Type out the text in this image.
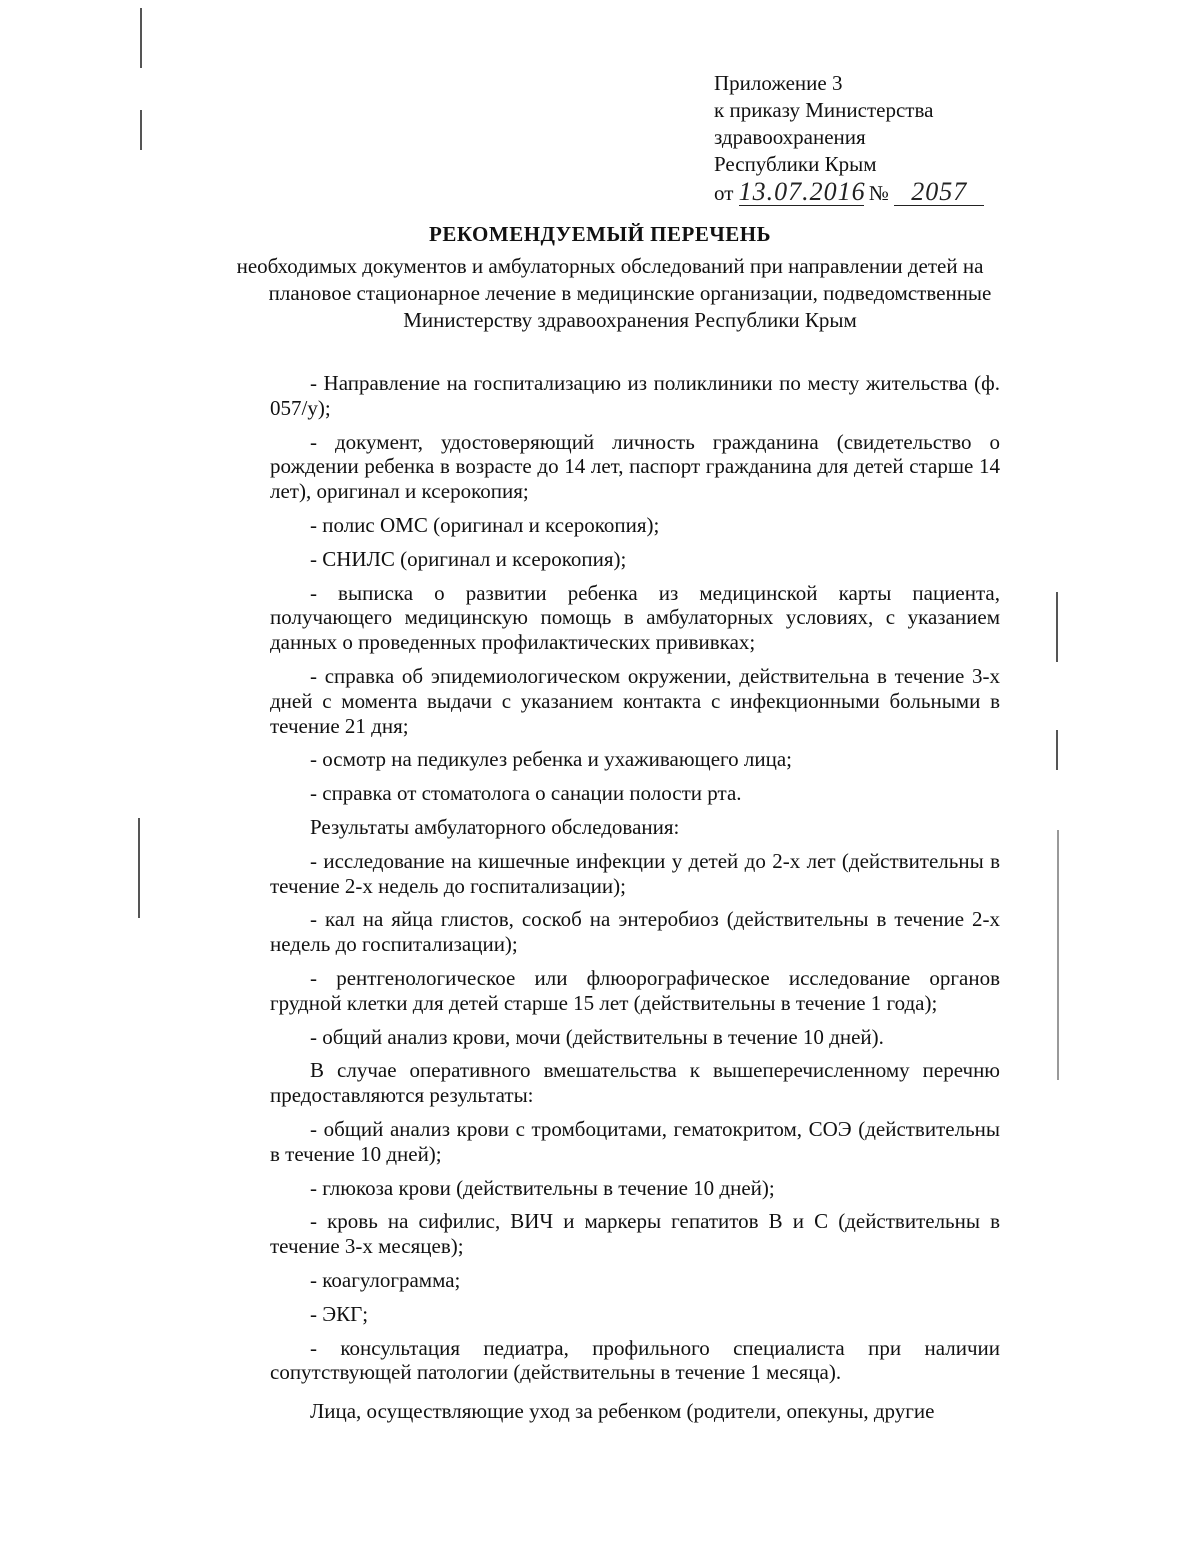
Приложение 3
к приказу Министерства
здравоохранения
Республики Крым
от 13.07.2016 № 2057
РЕКОМЕНДУЕМЫЙ ПЕРЕЧЕНЬ
необходимых документов и амбулаторных обследований при направлении детей на
плановое стационарное лечение в медицинские организации, подведомственные
Министерству здравоохранения Республики Крым

- Направление на госпитализацию из поликлиники по месту жительства (ф. 057/у);

- документ, удостоверяющий личность гражданина (свидетельство о рождении ребенка в возрасте до 14 лет, паспорт гражданина для детей старше 14 лет), оригинал и ксерокопия;

- полис ОМС (оригинал и ксерокопия);

- СНИЛС (оригинал и ксерокопия);

- выписка о развитии ребенка из медицинской карты пациента, получающего медицинскую помощь в амбулаторных условиях, с указанием данных о проведенных профилактических прививках;

- справка об эпидемиологическом окружении, действительна в течение 3-х дней с момента выдачи с указанием контакта с инфекционными больными в течение 21 дня;

- осмотр на педикулез ребенка и ухаживающего лица;

- справка от стоматолога о санации полости рта.

Результаты амбулаторного обследования:

- исследование на кишечные инфекции у детей до 2-х лет (действительны в течение 2-х недель до госпитализации);

- кал на яйца глистов, соскоб на энтеробиоз (действительны в течение 2-х недель до госпитализации);

- рентгенологическое или флюорографическое исследование органов грудной клетки для детей старше 15 лет (действительны в течение 1 года);

- общий анализ крови, мочи (действительны в течение 10 дней).

В случае оперативного вмешательства к вышеперечисленному перечню предоставляются результаты:

- общий анализ крови с тромбоцитами, гематокритом, СОЭ (действительны в течение 10 дней);

- глюкоза крови (действительны в течение 10 дней);

- кровь на сифилис, ВИЧ и маркеры гепатитов В и С (действительны в течение 3-х месяцев);

- коагулограмма;

- ЭКГ;

- консультация педиатра, профильного специалиста при наличии сопутствующей патологии (действительны в течение 1 месяца).

Лица, осуществляющие уход за ребенком (родители, опекуны, другие
